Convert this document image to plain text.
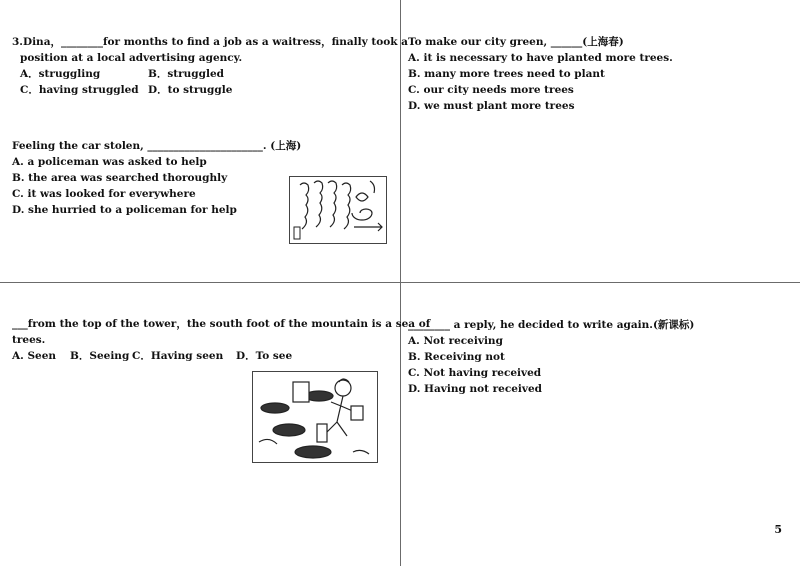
3.Dina，________for months to find a job as a waitress，finally took a
position at a local advertising agency.
A．struggling	B．struggled
C．having struggled D．to struggle
Feeling the car stolen, ______________________. (上海)
A. a policeman was asked to help
B. the area was searched thoroughly
C. it was looked for everywhere
D. she hurried to a policeman for help
To make our city green, ______(上海春)
A. it is necessary to have planted more trees.
B. many more trees need to plant
C. our city needs more trees
D. we must plant more trees
___from the top of the tower，the south foot of the mountain is a sea of
trees.
A. Seen B．Seeing C．Having seen D．To see
________ a reply, he decided to write again.(新课标)
A. Not receiving
B. Receiving not
C. Not having received
D. Having not received
5
